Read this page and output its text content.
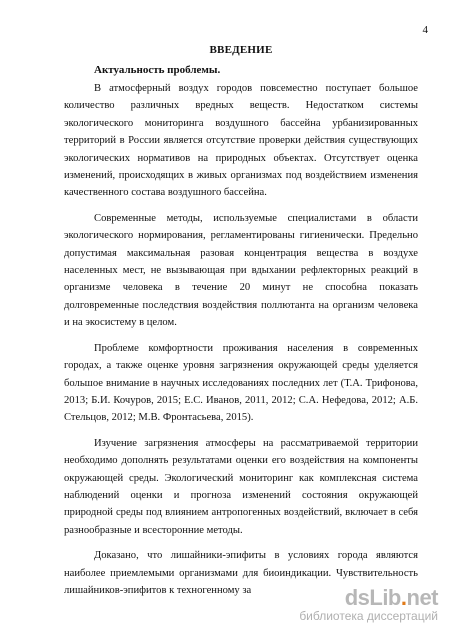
4
ВВЕДЕНИЕ
Актуальность проблемы.

В атмосферный воздух городов повсеместно поступает большое количество различных вредных веществ. Недостатком системы экологического мониторинга воздушного бассейна урбанизированных территорий в России является отсутствие проверки действия существующих экологических нормативов на природных объектах. Отсутствует оценка изменений, происходящих в живых организмах под воздействием изменения качественного состава воздушного бассейна.

Современные методы, используемые специалистами в области экологического нормирования, регламентированы гигиенически. Предельно допустимая максимальная разовая концентрация вещества в воздухе населенных мест, не вызывающая при вдыхании рефлекторных реакций в организме человека в течение 20 минут не способна показать долговременные последствия воздействия поллютанта на организм человека и на экосистему в целом.

Проблеме комфортности проживания населения в современных городах, а также оценке уровня загрязнения окружающей среды уделяется большое внимание в научных исследованиях последних лет (Т.А. Трифонова, 2013; Б.И. Кочуров, 2015; Е.С. Иванов, 2011, 2012; С.А. Нефедова, 2012; А.Б. Стельцов, 2012; М.В. Фронтасьева, 2015).

Изучение загрязнения атмосферы на рассматриваемой территории необходимо дополнять результатами оценки его воздействия на компоненты окружающей среды. Экологический мониторинг как комплексная система наблюдений оценки и прогноза изменений состояния окружающей природной среды под влиянием антропогенных воздействий, включает в себя разнообразные и всесторонние методы.

Доказано, что лишайники-эпифиты в условиях города являются наиболее приемлемыми организмами для биоиндикации. Чувствительность лишайников-эпифитов к техногенному за	dsLib.net
библиотека диссертаций
